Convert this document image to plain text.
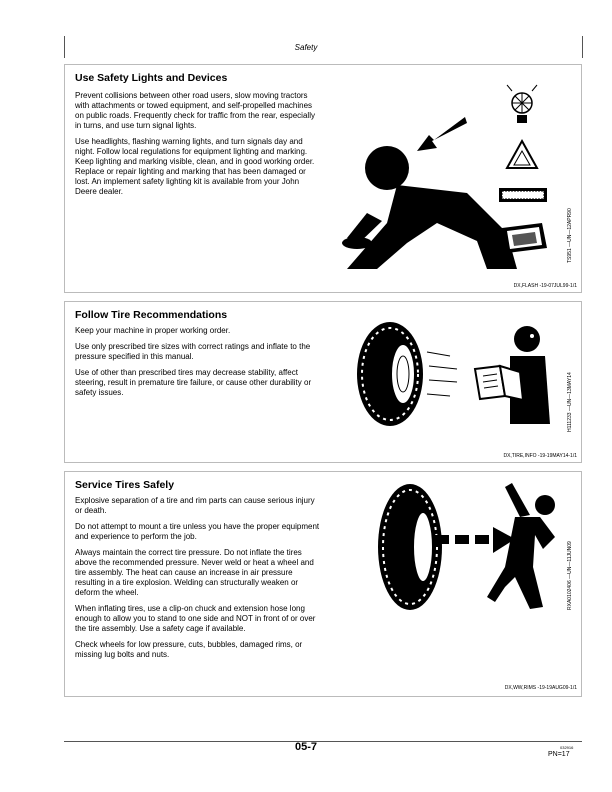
Safety
Use Safety Lights and Devices

Prevent collisions between other road users, slow moving tractors with attachments or towed equipment, and self-propelled machines on public roads. Frequently check for traffic from the rear, especially in turns, and use turn signal lights.

Use headlights, flashing warning lights, and turn signals day and night. Follow local regulations for equipment lighting and marking. Keep lighting and marking visible, clean, and in good working order. Replace or repair lighting and marking that has been damaged or lost. An implement safety lighting kit is available from your John Deere dealer.

TS951 —UN—12APR90
DX,FLASH -19-07JUL99-1/1
Follow Tire Recommendations

Keep your machine in proper working order.

Use only prescribed tire sizes with correct ratings and inflate to the pressure specified in this manual.

Use of other than prescribed tires may decrease stability, affect steering, result in premature tire failure, or cause other durability or safety issues.	H111233 —UN—13MAY14
DX,TIRE,INFO -19-19MAY14-1/1
Service Tires Safely

Explosive separation of a tire and rim parts can cause serious injury or death.

Do not attempt to mount a tire unless you have the proper equipment and experience to perform the job.

Always maintain the correct tire pressure. Do not inflate the tires above the recommended pressure. Never weld or heat a wheel and tire assembly. The heat can cause an increase in air pressure resulting in a tire explosion. Welding can structurally weaken or deform the wheel.

When inflating tires, use a clip-on chuck and extension hose long enough to allow you to stand to one side and NOT in front of or over the tire assembly. Use a safety cage if available.

Check wheels for low pressure, cuts, bubbles, damaged rims, or missing lug bolts and nuts.

RXA0102406 —UN—11JUN09
DX,WW,RIMS -19-19AUG09-1/1
05-7	032916
PN=17
